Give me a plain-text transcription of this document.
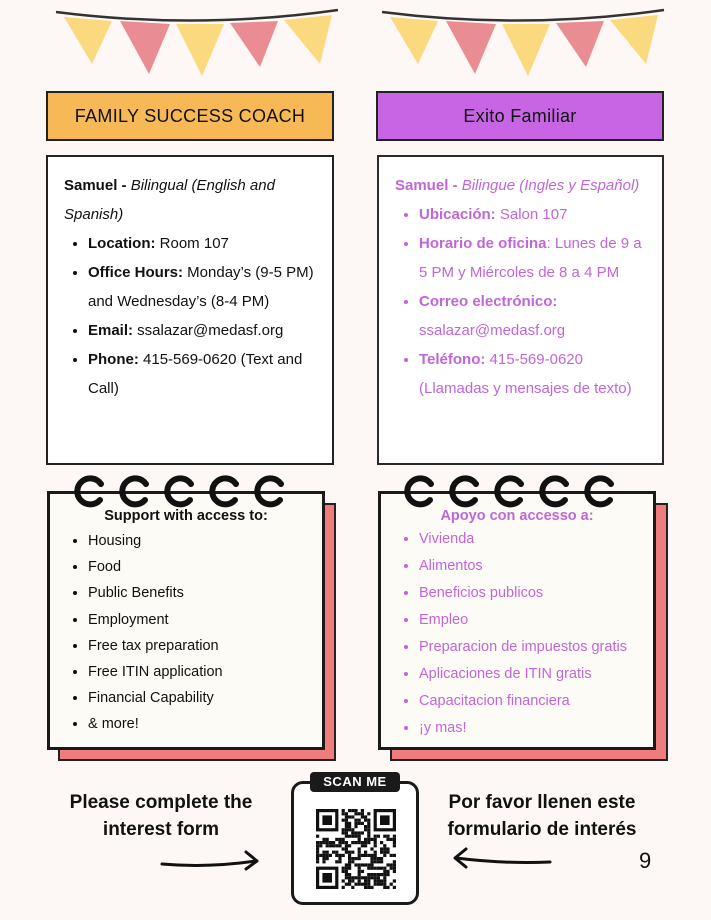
FAMILY SUCCESS COACH	Exito Familiar
Samuel - Bilingual (English and Spanish)
• Location: Room 107
• Office Hours: Monday’s (9-5 PM) and Wednesday’s (8-4 PM)
• Email: ssalazar@medasf.org
• Phone: 415-569-0620 (Text and Call)
Samuel - Bilingue (Ingles y Español)
• Ubicación: Salon 107
• Horario de oficina: Lunes de 9 a 5 PM y Miércoles de 8 a 4 PM
• Correo electrónico:
ssalazar@medasf.org
• Teléfono: 415-569-0620 (Llamadas y mensajes de texto)
Support with access to:
• Housing
• Food
• Public Benefits
• Employment
• Free tax preparation
• Free ITIN application
• Financial Capability
• & more!
Apoyo con accesso a:
• Vivienda
• Alimentos
• Beneficios publicos
• Empleo
• Preparacion de impuestos gratis
• Aplicaciones de ITIN gratis
• Capacitacion financiera
• ¡y mas!
Please complete the interest form
Por favor llenen este formulario de interés
SCAN ME
9
